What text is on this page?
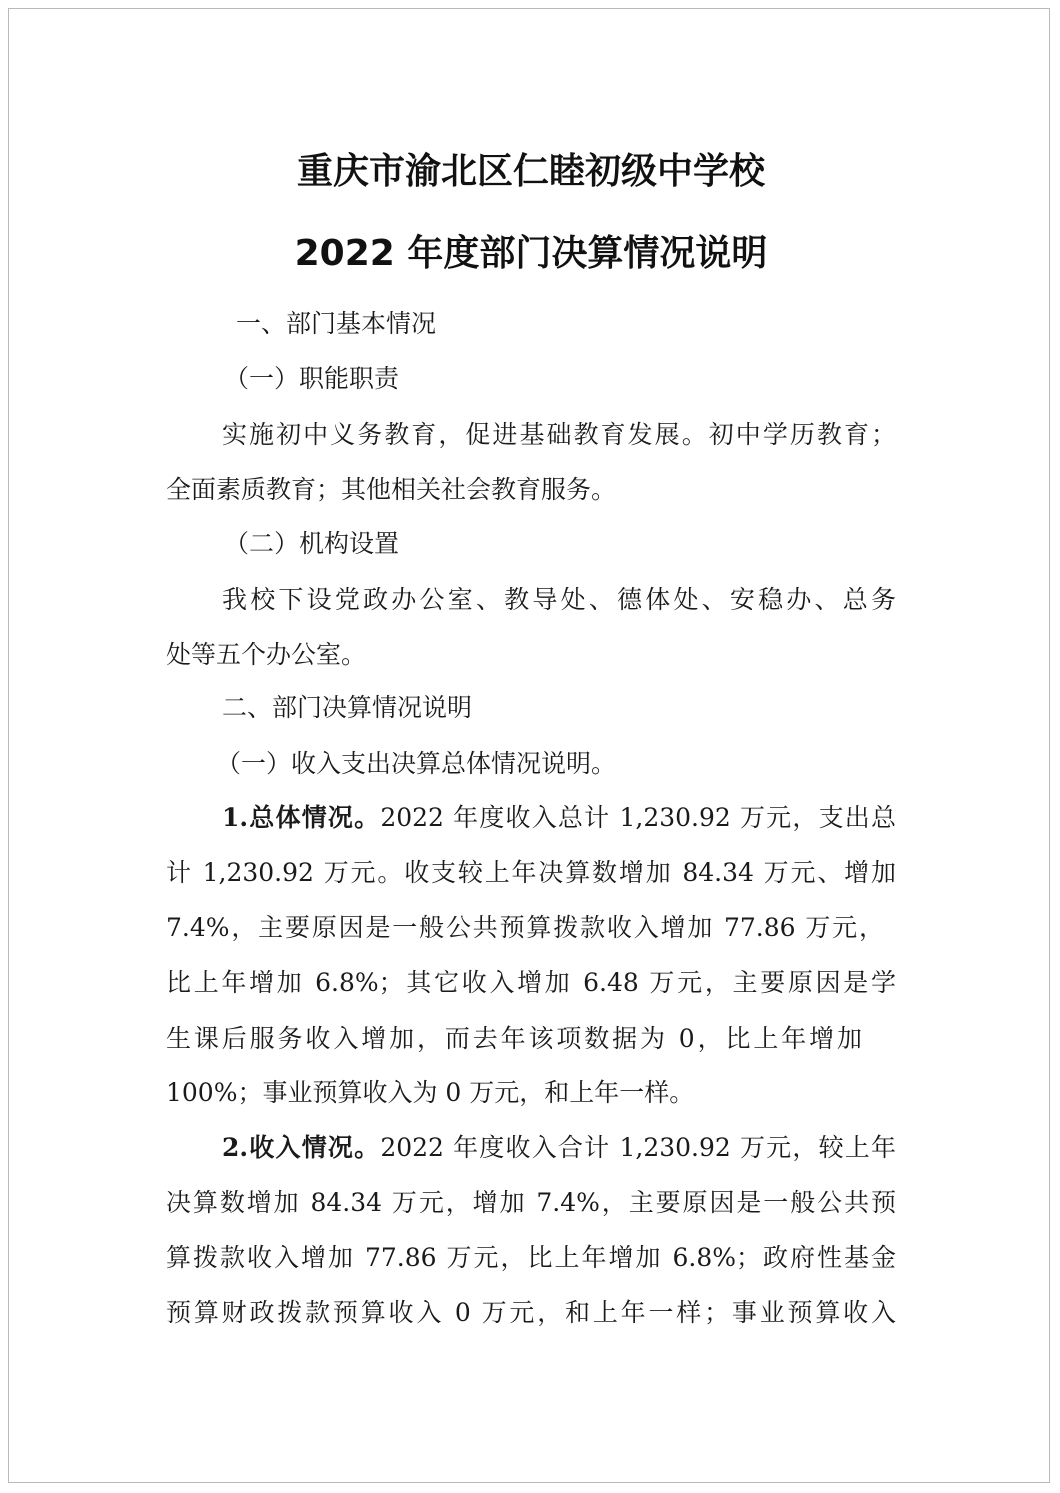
重庆市渝北区仁睦初级中学校
2022 年度部门决算情况说明
一、部门基本情况
（一）职能职责
实施初中义务教育，促进基础教育发展。初中学历教育；
全面素质教育；其他相关社会教育服务。
（二）机构设置
我校下设党政办公室、教导处、德体处、安稳办、总务
处等五个办公室。
二、部门决算情况说明
（一）收入支出决算总体情况说明。
1.总体情况。2022 年度收入总计 1,230.92 万元，支出总
计 1,230.92 万元。收支较上年决算数增加 84.34 万元、增加
7.4%，主要原因是一般公共预算拨款收入增加 77.86 万元，
比上年增加 6.8%；其它收入增加 6.48 万元，主要原因是学
生课后服务收入增加，而去年该项数据为 0，比上年增加
100%；事业预算收入为 0 万元，和上年一样。
2.收入情况。2022 年度收入合计 1,230.92 万元，较上年
决算数增加 84.34 万元，增加 7.4%，主要原因是一般公共预
算拨款收入增加 77.86 万元，比上年增加 6.8%；政府性基金
预算财政拨款预算收入 0 万元，和上年一样；事业预算收入
